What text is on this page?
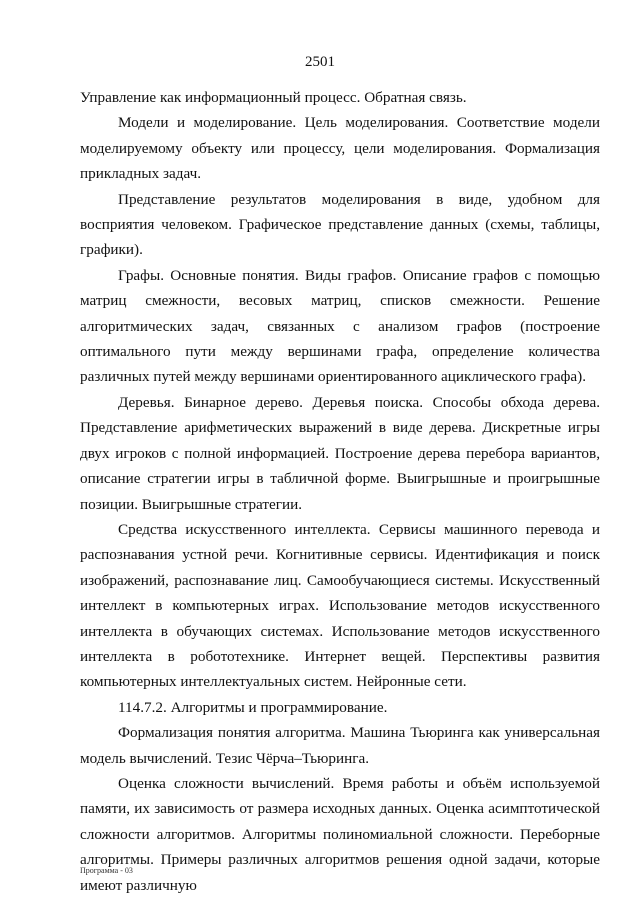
2501

Управление как информационный процесс. Обратная связь.

Модели и моделирование. Цель моделирования. Соответствие модели моделируемому объекту или процессу, цели моделирования. Формализация прикладных задач.

Представление результатов моделирования в виде, удобном для восприятия человеком. Графическое представление данных (схемы, таблицы, графики).

Графы. Основные понятия. Виды графов. Описание графов с помощью матриц смежности, весовых матриц, списков смежности. Решение алгоритмических задач, связанных с анализом графов (построение оптимального пути между вершинами графа, определение количества различных путей между вершинами ориентированного ациклического графа).

Деревья. Бинарное дерево. Деревья поиска. Способы обхода дерева. Представление арифметических выражений в виде дерева. Дискретные игры двух игроков с полной информацией. Построение дерева перебора вариантов, описание стратегии игры в табличной форме. Выигрышные и проигрышные позиции. Выигрышные стратегии.

Средства искусственного интеллекта. Сервисы машинного перевода и распознавания устной речи. Когнитивные сервисы. Идентификация и поиск изображений, распознавание лиц. Самообучающиеся системы. Искусственный интеллект в компьютерных играх. Использование методов искусственного интеллекта в обучающих системах. Использование методов искусственного интеллекта в робототехнике. Интернет вещей. Перспективы развития компьютерных интеллектуальных систем. Нейронные сети.

114.7.2. Алгоритмы и программирование.

Формализация понятия алгоритма. Машина Тьюринга как универсальная модель вычислений. Тезис Чёрча–Тьюринга.

Оценка сложности вычислений. Время работы и объём используемой памяти, их зависимость от размера исходных данных. Оценка асимптотической сложности алгоритмов. Алгоритмы полиномиальной сложности. Переборные алгоритмы. Примеры различных алгоритмов решения одной задачи, которые имеют различную

Программа - 03
